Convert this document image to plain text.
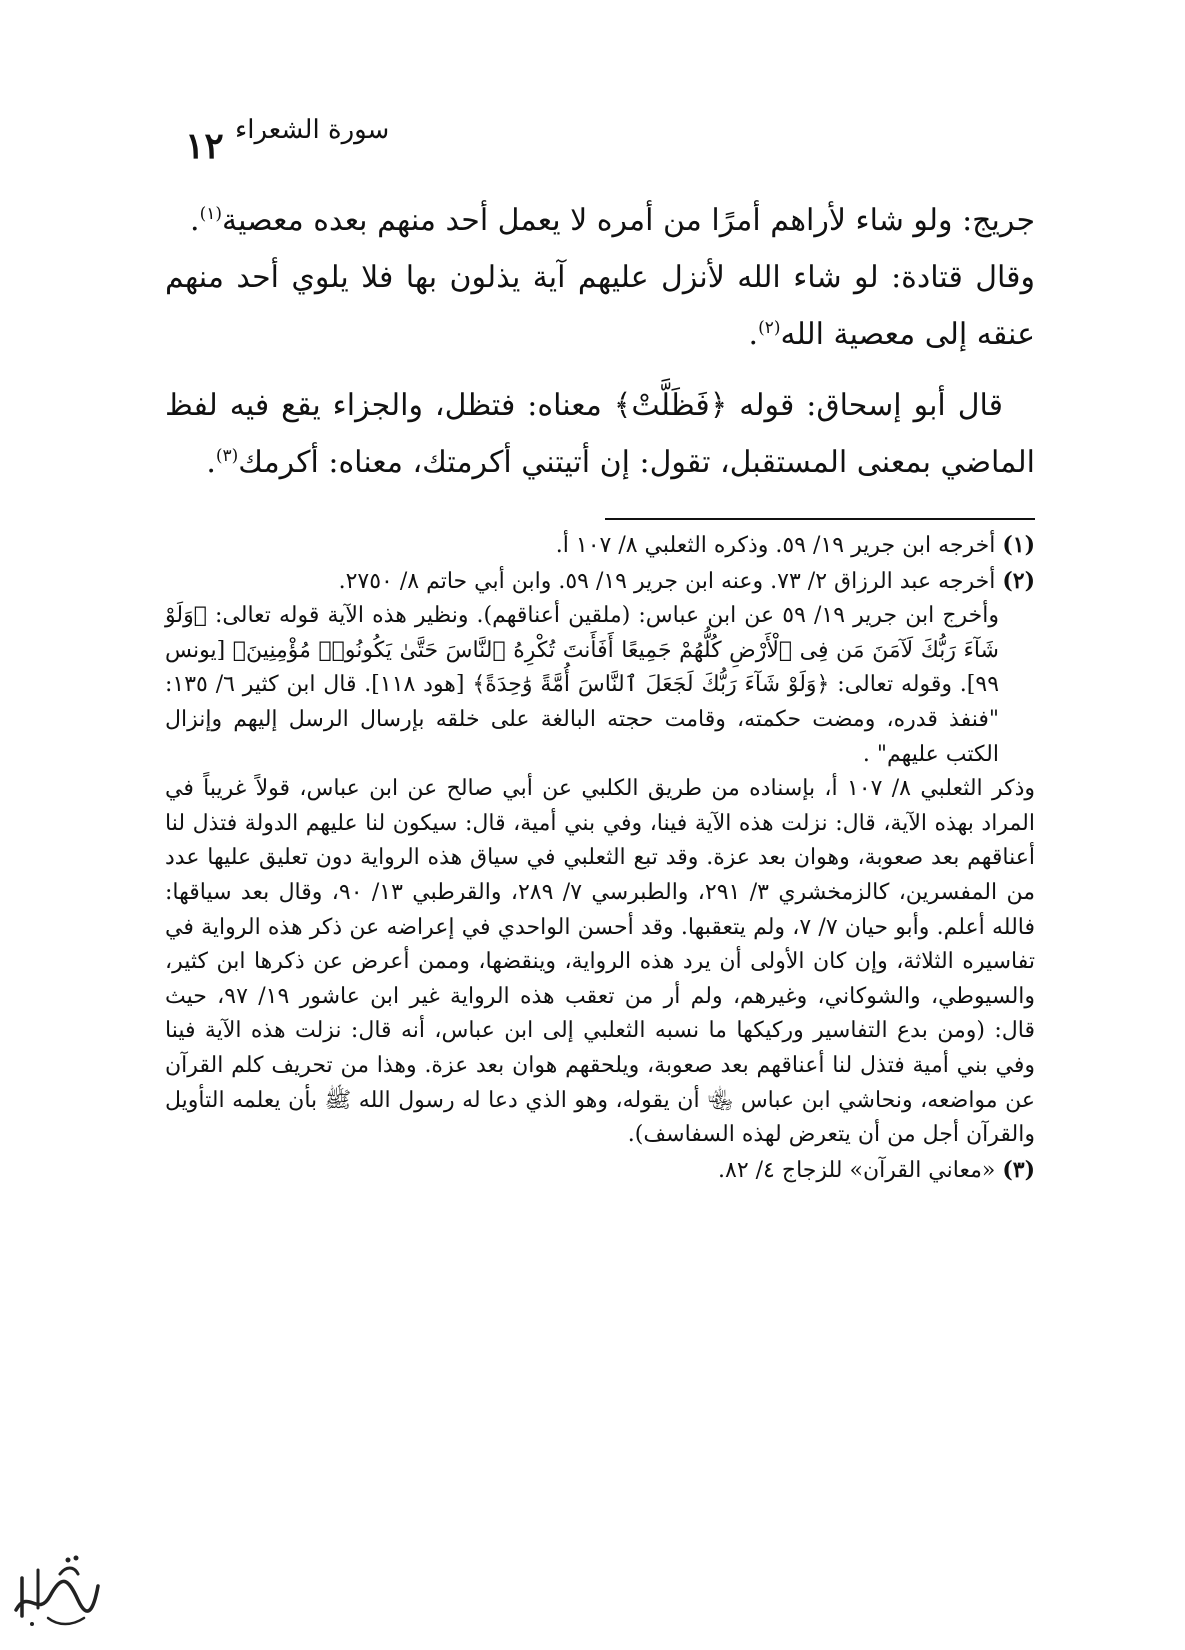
١٢ سورة الشعراء

جريج: ولو شاء لأراهم أمرًا من أمره لا يعمل أحد منهم بعده معصية$^{(١)}$.

وقال قتادة: لو شاء الله لأنزل عليهم آية يذلون بها فلا يلوي أحد منهم عنقه إلى معصية الله$^{(٢)}$.

قال أبو إسحاق: قوله ﴿فَظَلَّتْ﴾ معناه: فتظل، والجزاء يقع فيه لفظ الماضي بمعنى المستقبل، تقول: إن أتيتني أكرمتك، معناه: أكرمك$^{(٣)}$.

(١) أخرجه ابن جرير ١٩/ ٥٩. وذكره الثعلبي ٨/ ١٠٧ أ.

(٢) أخرجه عبد الرزاق ٢/ ٧٣. وعنه ابن جرير ١٩/ ٥٩. وابن أبي حاتم ٨/ ٢٧٥٠.

وأخرج ابن جرير ١٩/ ٥٩ عن ابن عباس: (ملقين أعناقهم). ونظير هذه الآية قوله تعالى: ﴿وَلَوْ شَآءَ رَبُّكَ لَآمَنَ مَن فِى ٱلْأَرْضِ كُلُّهُمْ جَمِيعًا أَفَأَنتَ تُكْرِهُ ٱلنَّاسَ حَتَّىٰ يَكُونُوا۟ مُؤْمِنِينَ﴾ [يونس ٩٩]. وقوله تعالى: ﴿وَلَوْ شَآءَ رَبُّكَ لَجَعَلَ ٱلنَّاسَ أُمَّةً وَٰحِدَةً﴾ [هود ١١٨]. قال ابن كثير ٦/ ١٣٥: "فنفذ قدره، ومضت حكمته، وقامت حجته البالغة على خلقه بإرسال الرسل إليهم وإنزال الكتب عليهم" .

وذكر الثعلبي ٨/ ١٠٧ أ، بإسناده من طريق الكلبي عن أبي صالح عن ابن عباس، قولاً غريباً في المراد بهذه الآية، قال: نزلت هذه الآية فينا، وفي بني أمية، قال: سيكون لنا عليهم الدولة فتذل لنا أعناقهم بعد صعوبة، وهوان بعد عزة. وقد تبع الثعلبي في سياق هذه الرواية دون تعليق عليها عدد من المفسرين، كالزمخشري ٣/ ٢٩١، والطبرسي ٧/ ٢٨٩، والقرطبي ١٣/ ٩٠، وقال بعد سياقها: فالله أعلم. وأبو حيان ٧/ ٧، ولم يتعقبها. وقد أحسن الواحدي في إعراضه عن ذكر هذه الرواية في تفاسيره الثلاثة، وإن كان الأولى أن يرد هذه الرواية، وينقضها، وممن أعرض عن ذكرها ابن كثير، والسيوطي، والشوكاني، وغيرهم، ولم أر من تعقب هذه الرواية غير ابن عاشور ١٩/ ٩٧، حيث قال: (ومن بدع التفاسير وركيكها ما نسبه الثعلبي إلى ابن عباس، أنه قال: نزلت هذه الآية فينا وفي بني أمية فتذل لنا أعناقهم بعد صعوبة، ويلحقهم هوان بعد عزة. وهذا من تحريف كلم القرآن عن مواضعه، ونحاشي ابن عباس ﵄ أن يقوله، وهو الذي دعا له رسول الله ﷺ بأن يعلمه التأويل والقرآن أجل من أن يتعرض لهذه السفاسف).

(٣) «معاني القرآن» للزجاج ٤/ ٨٢.
